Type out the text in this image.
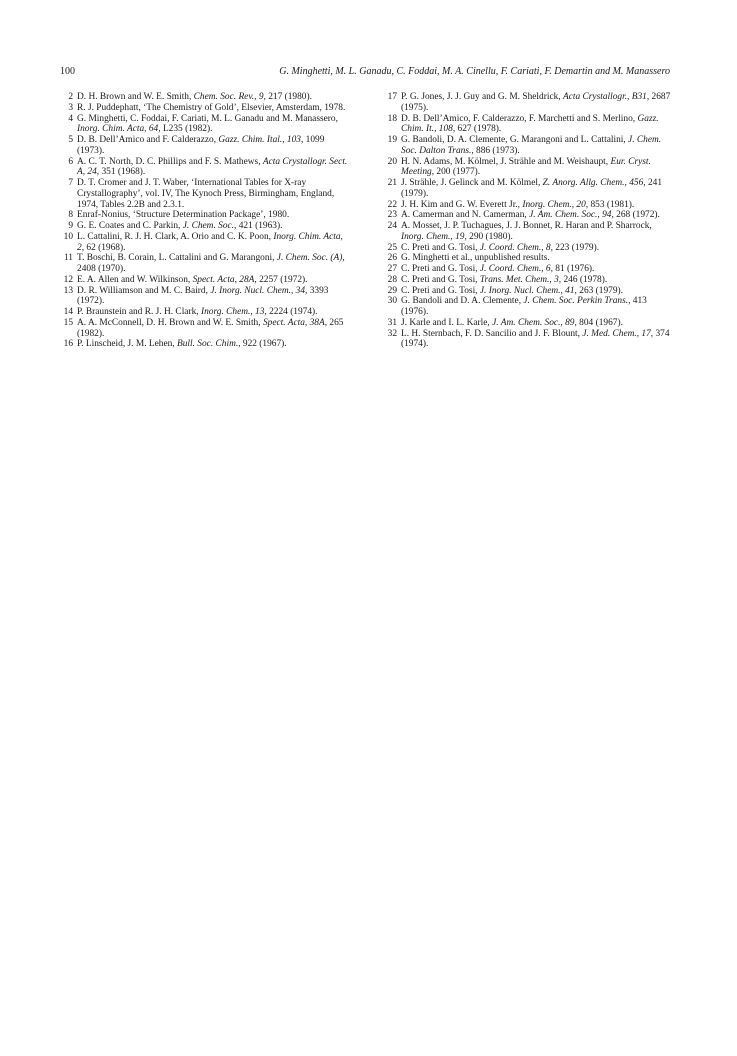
100	G. Minghetti, M. L. Ganadu, C. Foddai, M. A. Cinellu, F. Cariati, F. Demartin and M. Manassero

2 D. H. Brown and W. E. Smith, Chem. Soc. Rev., 9, 217 (1980).

3 R. J. Puddephatt, ‘The Chemistry of Gold’, Elsevier, Amsterdam, 1978.

4 G. Minghetti, C. Foddai, F. Cariati, M. L. Ganadu and M. Manassero, Inorg. Chim. Acta, 64, L235 (1982).

5 D. B. Dell’Amico and F. Calderazzo, Gazz. Chim. Ital., 103, 1099 (1973).

6 A. C. T. North, D. C. Phillips and F. S. Mathews, Acta Crystallogr. Sect. A, 24, 351 (1968).

7 D. T. Cromer and J. T. Waber, ‘International Tables for X-ray Crystallography’, vol. IV, The Kynoch Press, Birmingham, England, 1974, Tables 2.2B and 2.3.1.

8 Enraf-Nonius, ‘Structure Determination Package’, 1980.

9 G. E. Coates and C. Parkin, J. Chem. Soc., 421 (1963).

10 L. Cattalini, R. J. H. Clark, A. Orio and C. K. Poon, Inorg. Chim. Acta, 2, 62 (1968).

11 T. Boschi, B. Corain, L. Cattalini and G. Marangoni, J. Chem. Soc. (A), 2408 (1970).

12 E. A. Allen and W. Wilkinson, Spect. Acta, 28A, 2257 (1972).

13 D. R. Williamson and M. C. Baird, J. Inorg. Nucl. Chem., 34, 3393 (1972).

14 P. Braunstein and R. J. H. Clark, Inorg. Chem., 13, 2224 (1974).

15 A. A. McConnell, D. H. Brown and W. E. Smith, Spect. Acta, 38A, 265 (1982).

16 P. Linscheid, J. M. Lehen, Bull. Soc. Chim., 922 (1967).

17 P. G. Jones, J. J. Guy and G. M. Sheldrick, Acta Crystallogr., B31, 2687 (1975).

18 D. B. Dell’Amico, F. Calderazzo, F. Marchetti and S. Merlino, Gazz. Chim. It., 108, 627 (1978).

19 G. Bandoli, D. A. Clemente, G. Marangoni and L. Cattalini, J. Chem. Soc. Dalton Trans., 886 (1973).

20 H. N. Adams, M. Kölmel, J. Strähle and M. Weishaupt, Eur. Cryst. Meeting, 200 (1977).

21 J. Strähle, J. Gelinck and M. Kölmel, Z. Anorg. Allg. Chem., 456, 241 (1979).

22 J. H. Kim and G. W. Everett Jr., Inorg. Chem., 20, 853 (1981).

23 A. Camerman and N. Camerman, J. Am. Chem. Soc., 94, 268 (1972).

24 A. Mosset, J. P. Tuchagues, J. J. Bonnet, R. Haran and P. Sharrock, Inorg. Chem., 19, 290 (1980).

25 C. Preti and G. Tosi, J. Coord. Chem., 8, 223 (1979).

26 G. Minghetti et al., unpublished results.

27 C. Preti and G. Tosi, J. Coord. Chem., 6, 81 (1976).

28 C. Preti and G. Tosi, Trans. Met. Chem., 3, 246 (1978).

29 C. Preti and G. Tosi, J. Inorg. Nucl. Chem., 41, 263 (1979).

30 G. Bandoli and D. A. Clemente, J. Chem. Soc. Perkin Trans., 413 (1976).

31 J. Karle and I. L. Karle, J. Am. Chem. Soc., 89, 804 (1967).

32 L. H. Sternbach, F. D. Sancilio and J. F. Blount, J. Med. Chem., 17, 374 (1974).
